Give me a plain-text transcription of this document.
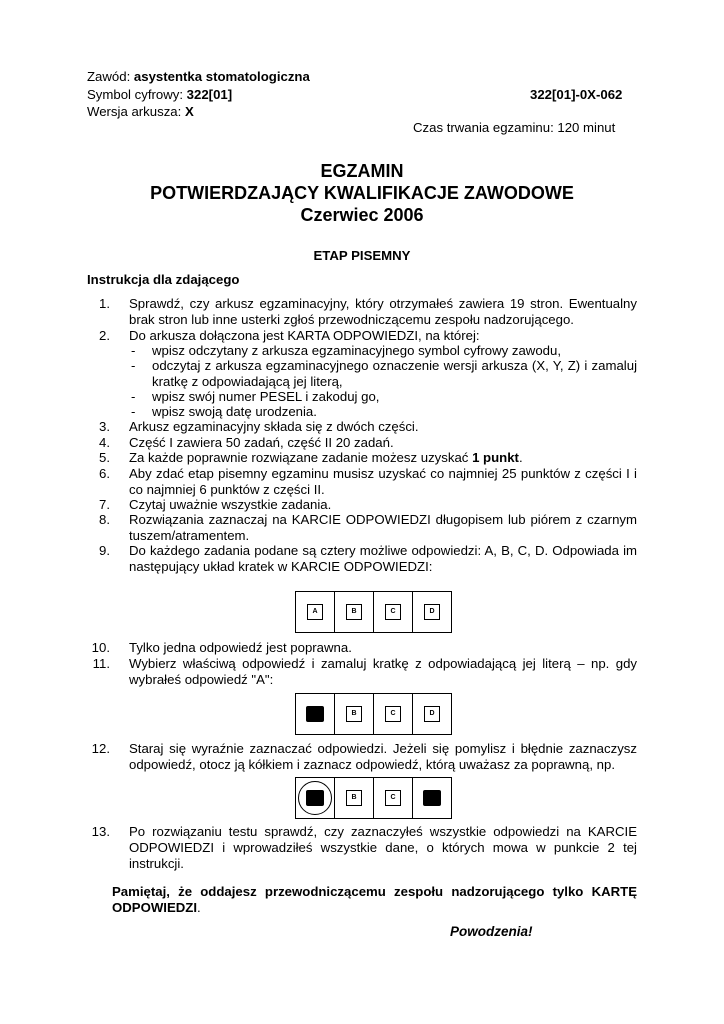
Zawód: asystentka stomatologiczna
Symbol cyfrowy: 322[01]	322[01]-0X-062
Wersja arkusza: X
Czas trwania egzaminu: 120 minut
EGZAMIN
POTWIERDZAJĄCY KWALIFIKACJE ZAWODOWE
Czerwiec 2006
ETAP PISEMNY
Instrukcja dla zdającego
1. Sprawdź, czy arkusz egzaminacyjny, który otrzymałeś zawiera 19 stron. Ewentualny brak stron lub inne usterki zgłoś przewodniczącemu zespołu nadzorującego.
2. Do arkusza dołączona jest KARTA ODPOWIEDZI, na której:
- wpisz odczytany z arkusza egzaminacyjnego symbol cyfrowy zawodu,
- odczytaj z arkusza egzaminacyjnego oznaczenie wersji arkusza (X, Y, Z) i zamaluj kratkę z odpowiadającą jej literą,
- wpisz swój numer PESEL i zakoduj go,
- wpisz swoją datę urodzenia.
3. Arkusz egzaminacyjny składa się z dwóch części.
4. Część I zawiera 50 zadań, część II 20 zadań.
5. Za każde poprawnie rozwiązane zadanie możesz uzyskać 1 punkt.
6. Aby zdać etap pisemny egzaminu musisz uzyskać co najmniej 25 punktów z części I i co najmniej 6 punktów z części II.
7. Czytaj uważnie wszystkie zadania.
8. Rozwiązania zaznaczaj na KARCIE ODPOWIEDZI długopisem lub piórem z czarnym tuszem/atramentem.
9. Do każdego zadania podane są cztery możliwe odpowiedzi: A, B, C, D. Odpowiada im następujący układ kratek w KARCIE ODPOWIEDZI:
A	B	C	D
10. Tylko jedna odpowiedź jest poprawna.
11. Wybierz właściwą odpowiedź i zamaluj kratkę z odpowiadającą jej literą – np. gdy wybrałeś odpowiedź "A":
B	C	D
12. Staraj się wyraźnie zaznaczać odpowiedzi. Jeżeli się pomylisz i błędnie zaznaczysz odpowiedź, otocz ją kółkiem i zaznacz odpowiedź, którą uważasz za poprawną, np.
B	C
13. Po rozwiązaniu testu sprawdź, czy zaznaczyłeś wszystkie odpowiedzi na KARCIE ODPOWIEDZI i wprowadziłeś wszystkie dane, o których mowa w punkcie 2 tej instrukcji.
Pamiętaj, że oddajesz przewodniczącemu zespołu nadzorującego tylko KARTĘ ODPOWIEDZI.
Powodzenia!
